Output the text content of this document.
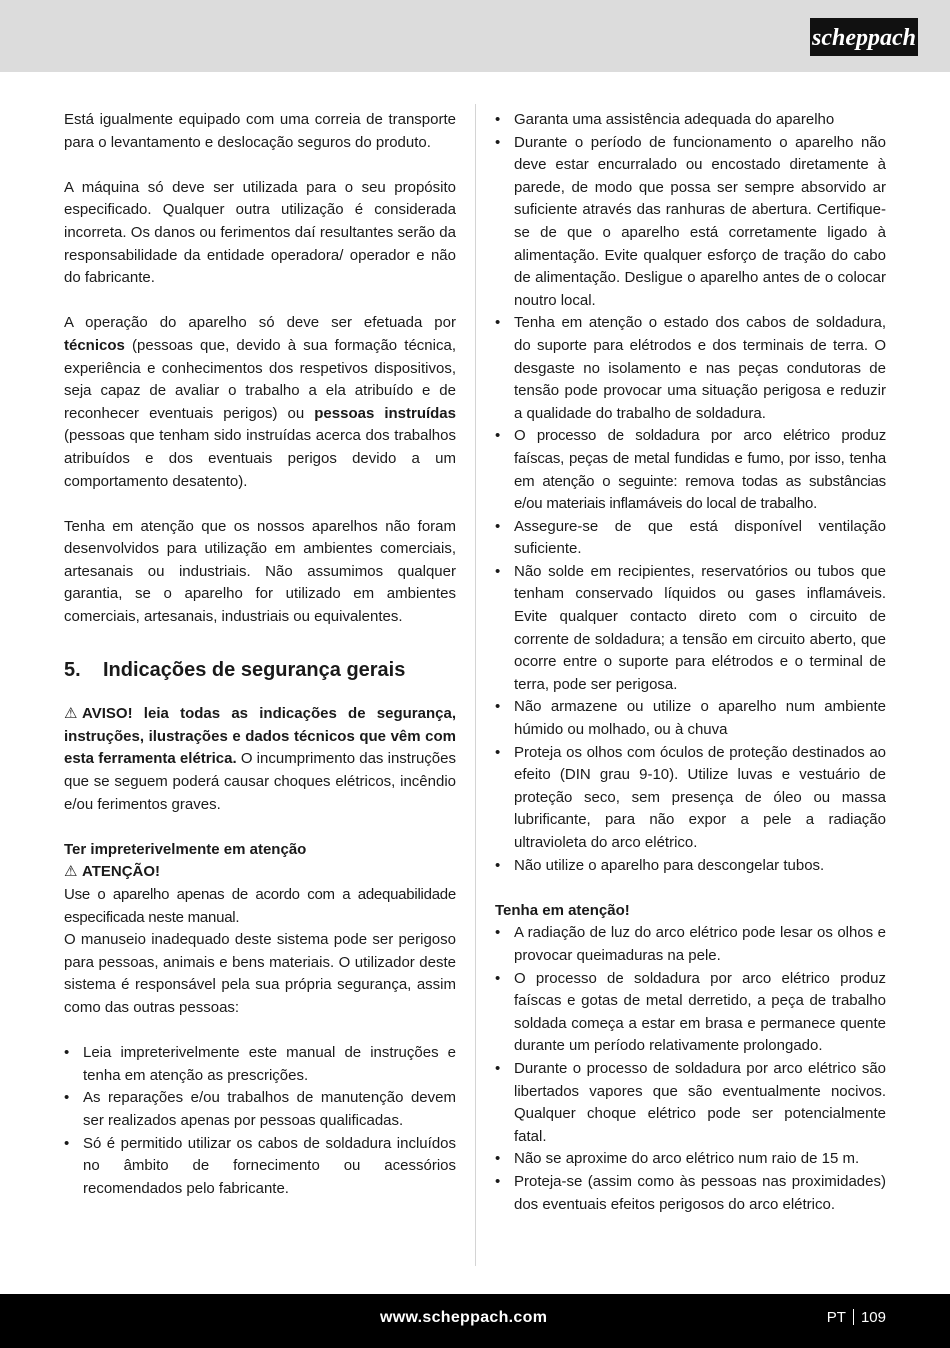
scheppach

Está igualmente equipado com uma correia de transporte para o levantamento e deslocação seguros do produto.

A máquina só deve ser utilizada para o seu propósito especificado. Qualquer outra utilização é considerada incorreta. Os danos ou ferimentos daí resultantes serão da responsabilidade da entidade operadora/ operador e não do fabricante.

A operação do aparelho só deve ser efetuada por técnicos (pessoas que, devido à sua formação técnica, experiência e conhecimentos dos respetivos dispositivos, seja capaz de avaliar o trabalho a ela atribuído e de reconhecer eventuais perigos) ou pessoas instruídas (pessoas que tenham sido instruídas acerca dos trabalhos atribuídos e dos eventuais perigos devido a um comportamento desatento).

Tenha em atenção que os nossos aparelhos não foram desenvolvidos para utilização em ambientes comerciais, artesanais ou industriais. Não assumimos qualquer garantia, se o aparelho for utilizado em ambientes comerciais, artesanais, industriais ou equivalentes.

5. Indicações de segurança gerais

⚠ AVISO! leia todas as indicações de segurança, instruções, ilustrações e dados técnicos que vêm com esta ferramenta elétrica. O incumprimento das instruções que se seguem poderá causar choques elétricos, incêndio e/ou ferimentos graves.

Ter impreterivelmente em atenção

⚠ ATENÇÃO!

Use o aparelho apenas de acordo com a adequabilidade especificada neste manual.

O manuseio inadequado deste sistema pode ser perigoso para pessoas, animais e bens materiais. O utilizador deste sistema é responsável pela sua própria segurança, assim como das outras pessoas:

• Leia impreterivelmente este manual de instruções e tenha em atenção as prescrições.
• As reparações e/ou trabalhos de manutenção devem ser realizados apenas por pessoas qualificadas.
• Só é permitido utilizar os cabos de soldadura incluídos no âmbito de fornecimento ou acessórios recomendados pelo fabricante.
• Garanta uma assistência adequada do aparelho
• Durante o período de funcionamento o aparelho não deve estar encurralado ou encostado diretamente à parede, de modo que possa ser sempre absorvido ar suficiente através das ranhuras de abertura. Certifique-se de que o aparelho está corretamente ligado à alimentação. Evite qualquer esforço de tração do cabo de alimentação. Desligue o aparelho antes de o colocar noutro local.
• Tenha em atenção o estado dos cabos de soldadura, do suporte para elétrodos e dos terminais de terra. O desgaste no isolamento e nas peças condutoras de tensão pode provocar uma situação perigosa e reduzir a qualidade do trabalho de soldadura.
• O processo de soldadura por arco elétrico produz faíscas, peças de metal fundidas e fumo, por isso, tenha em atenção o seguinte: remova todas as substâncias e/ou materiais inflamáveis do local de trabalho.
• Assegure-se de que está disponível ventilação suficiente.
• Não solde em recipientes, reservatórios ou tubos que tenham conservado líquidos ou gases inflamáveis. Evite qualquer contacto direto com o circuito de corrente de soldadura; a tensão em circuito aberto, que ocorre entre o suporte para elétrodos e o terminal de terra, pode ser perigosa.
• Não armazene ou utilize o aparelho num ambiente húmido ou molhado, ou à chuva
• Proteja os olhos com óculos de proteção destinados ao efeito (DIN grau 9-10). Utilize luvas e vestuário de proteção seco, sem presença de óleo ou massa lubrificante, para não expor a pele a radiação ultravioleta do arco elétrico.
• Não utilize o aparelho para descongelar tubos.

Tenha em atenção!

• A radiação de luz do arco elétrico pode lesar os olhos e provocar queimaduras na pele.
• O processo de soldadura por arco elétrico produz faíscas e gotas de metal derretido, a peça de trabalho soldada começa a estar em brasa e permanece quente durante um período relativamente prolongado.
• Durante o processo de soldadura por arco elétrico são libertados vapores que são eventualmente nocivos. Qualquer choque elétrico pode ser potencialmente fatal.
• Não se aproxime do arco elétrico num raio de 15 m.
• Proteja-se (assim como às pessoas nas proximidades) dos eventuais efeitos perigosos do arco elétrico.
www.scheppach.com	PT 109
